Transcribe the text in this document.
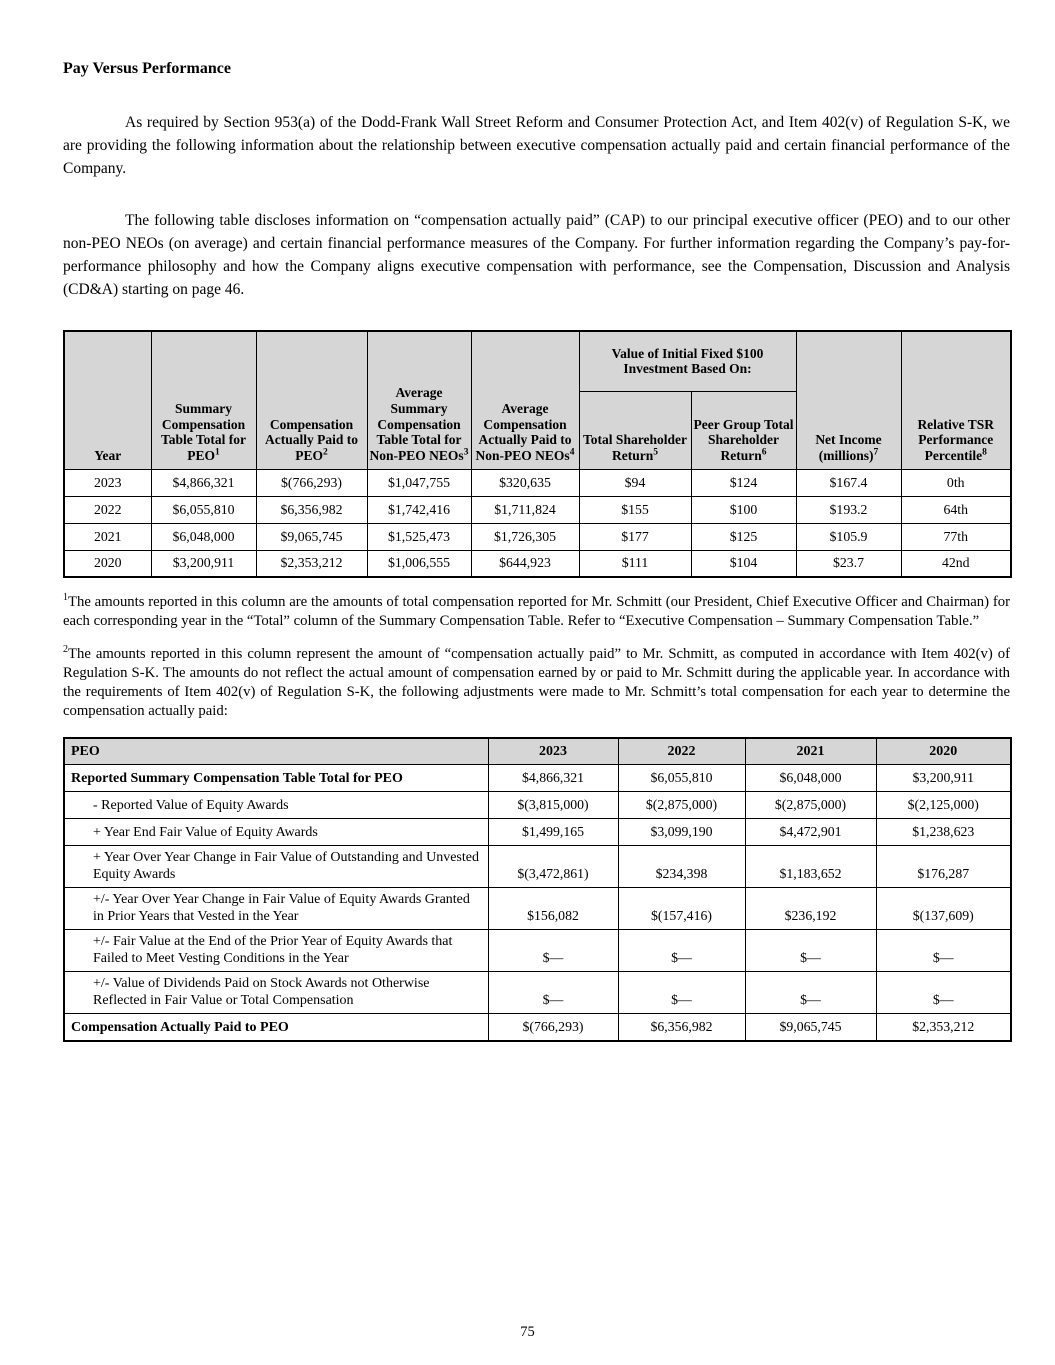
Pay Versus Performance

As required by Section 953(a) of the Dodd-Frank Wall Street Reform and Consumer Protection Act, and Item 402(v) of Regulation S-K, we are providing the following information about the relationship between executive compensation actually paid and certain financial performance of the Company.

The following table discloses information on “compensation actually paid” (CAP) to our principal executive officer (PEO) and to our other non-PEO NEOs (on average) and certain financial performance measures of the Company. For further information regarding the Company’s pay-for-performance philosophy and how the Company aligns executive compensation with performance, see the Compensation, Discussion and Analysis (CD&A) starting on page 46.

Year	Summary Compensation Table Total for PEO$^1$	Compensation Actually Paid to PEO$^2$	Average Summary Compensation Table Total for Non-PEO NEOs$^3$	Average Compensation Actually Paid to Non-PEO NEOs$^4$	Value of Initial Fixed $100 Investment Based On:		Net Income (millions)$^7$	Relative TSR Performance Percentile$^8$
					Total Shareholder Return$^5$	Peer Group Total Shareholder Return$^6$
2023	$4,866,321	$(766,293)	$1,047,755	$320,635	$94	$124	$167.4	0th
2022	$6,055,810	$6,356,982	$1,742,416	$1,711,824	$155	$100	$193.2	64th
2021	$6,048,000	$9,065,745	$1,525,473	$1,726,305	$177	$125	$105.9	77th
2020	$3,200,911	$2,353,212	$1,006,555	$644,923	$111	$104	$23.7	42nd

$^1$The amounts reported in this column are the amounts of total compensation reported for Mr. Schmitt (our President, Chief Executive Officer and Chairman) for each corresponding year in the “Total” column of the Summary Compensation Table. Refer to “Executive Compensation – Summary Compensation Table.”

$^2$The amounts reported in this column represent the amount of “compensation actually paid” to Mr. Schmitt, as computed in accordance with Item 402(v) of Regulation S-K. The amounts do not reflect the actual amount of compensation earned by or paid to Mr. Schmitt during the applicable year. In accordance with the requirements of Item 402(v) of Regulation S-K, the following adjustments were made to Mr. Schmitt’s total compensation for each year to determine the compensation actually paid:

PEO	2023	2022	2021	2020
Reported Summary Compensation Table Total for PEO	$4,866,321	$6,055,810	$6,048,000	$3,200,911
- Reported Value of Equity Awards	$(3,815,000)	$(2,875,000)	$(2,875,000)	$(2,125,000)
+ Year End Fair Value of Equity Awards	$1,499,165	$3,099,190	$4,472,901	$1,238,623
+ Year Over Year Change in Fair Value of Outstanding and Unvested Equity Awards	$(3,472,861)	$234,398	$1,183,652	$176,287
+/- Year Over Year Change in Fair Value of Equity Awards Granted in Prior Years that Vested in the Year	$156,082	$(157,416)	$236,192	$(137,609)
+/- Fair Value at the End of the Prior Year of Equity Awards that Failed to Meet Vesting Conditions in the Year	$—	$—	$—	$—
+/- Value of Dividends Paid on Stock Awards not Otherwise Reflected in Fair Value or Total Compensation	$—	$—	$—	$—
Compensation Actually Paid to PEO	$(766,293)	$6,356,982	$9,065,745	$2,353,212
75
